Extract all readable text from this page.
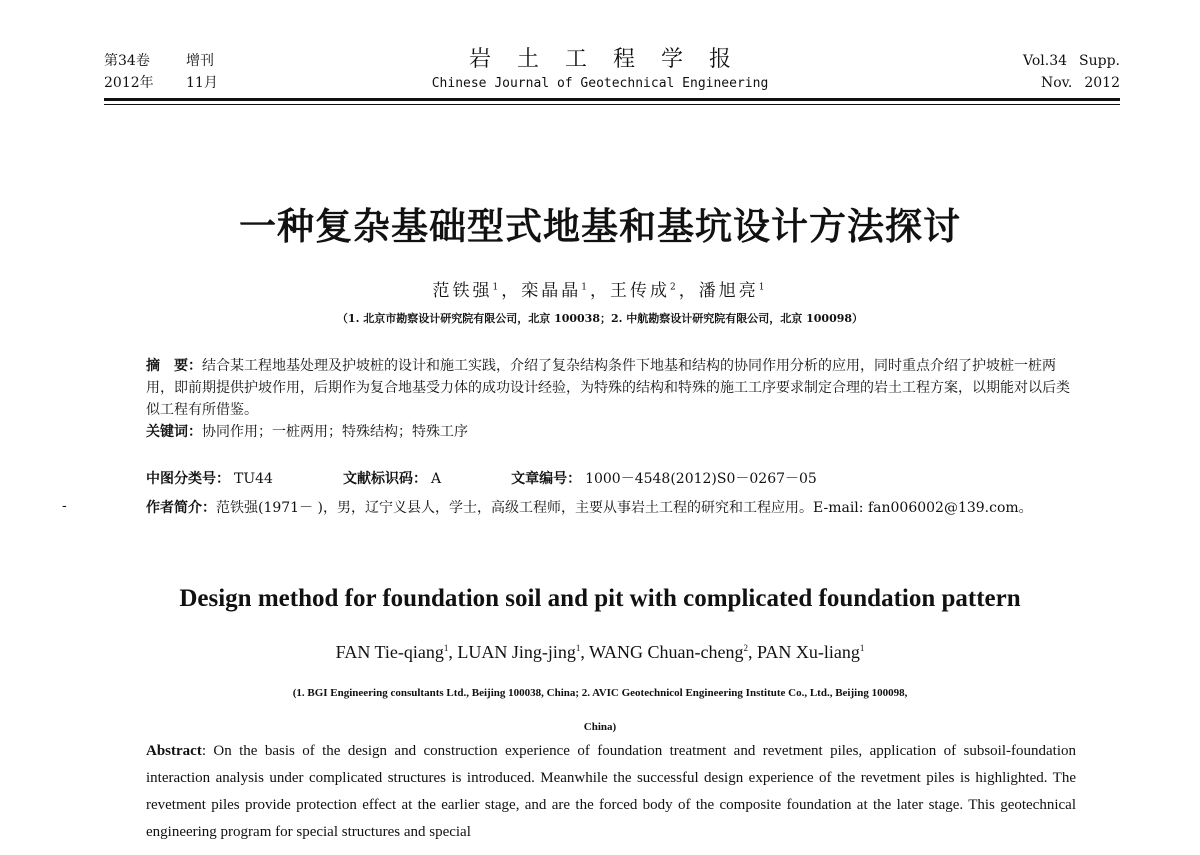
第34卷	增刊
2012年 11月
岩土工程学报
Chinese Journal of Geotechnical Engineering
Vol.34 Supp.
Nov. 2012
一种复杂基础型式地基和基坑设计方法探讨
范铁强$^1$，栾晶晶$^1$，王传成$^2$，潘旭亮$^1$
（1. 北京市勘察设计研究院有限公司，北京 100038；2. 中航勘察设计研究院有限公司，北京 100098）
摘　要：结合某工程地基处理及护坡桩的设计和施工实践，介绍了复杂结构条件下地基和结构的协同作用分析的应用，同时重点介绍了护坡桩一桩两用，即前期提供护坡作用，后期作为复合地基受力体的成功设计经验，为特殊的结构和特殊的施工工序要求制定合理的岩土工程方案，以期能对以后类似工程有所借鉴。
关键词：协同作用；一桩两用；特殊结构；特殊工序
中图分类号： TU44	文献标识码： A	文章编号： 1000－4548(2012)S0－0267－05
作者简介：范铁强(1971－ )，男，辽宁义县人，学士，高级工程师，主要从事岩土工程的研究和工程应用。E-mail: fan006002@139.com。
-
Design method for foundation soil and pit with complicated foundation pattern
FAN Tie-qiang$^1$, LUAN Jing-jing$^1$, WANG Chuan-cheng$^2$, PAN Xu-liang$^1$
(1. BGI Engineering consultants Ltd., Beijing 100038, China; 2. AVIC Geotechnicol Engineering Institute Co., Ltd., Beijing 100098,
China)
Abstract: On the basis of the design and construction experience of foundation treatment and revetment piles, application of subsoil-foundation interaction analysis under complicated structures is introduced. Meanwhile the successful design experience of the revetment piles is highlighted. The revetment piles provide protection effect at the earlier stage, and are the forced body of the composite foundation at the later stage. This geotechnical engineering program for special structures and special
